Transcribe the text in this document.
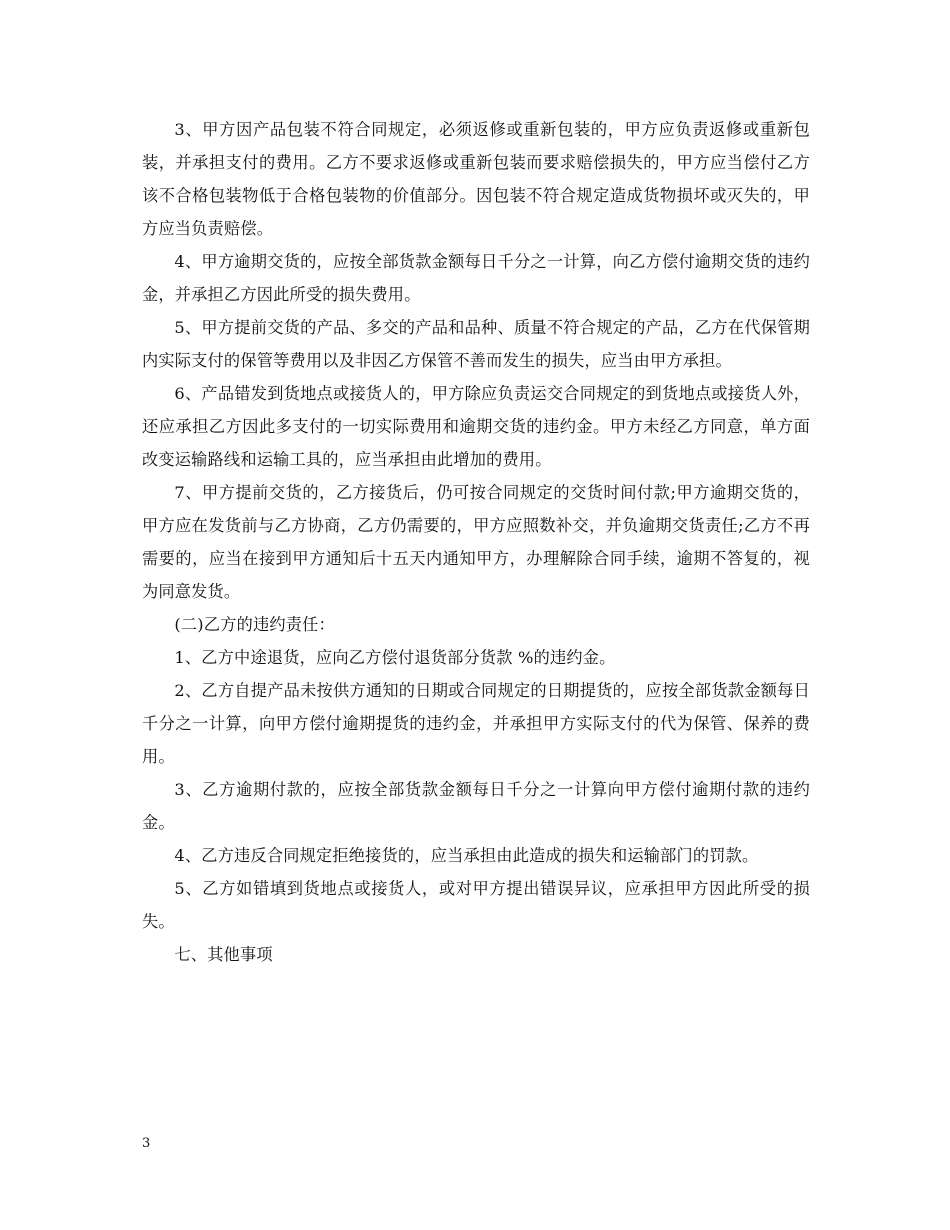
3、甲方因产品包装不符合同规定，必须返修或重新包装的，甲方应负责返修或重新包装，并承担支付的费用。乙方不要求返修或重新包装而要求赔偿损失的，甲方应当偿付乙方该不合格包装物低于合格包装物的价值部分。因包装不符合规定造成货物损坏或灭失的，甲方应当负责赔偿。

4、甲方逾期交货的，应按全部货款金额每日千分之一计算，向乙方偿付逾期交货的违约金，并承担乙方因此所受的损失费用。

5、甲方提前交货的产品、多交的产品和品种、质量不符合规定的产品，乙方在代保管期内实际支付的保管等费用以及非因乙方保管不善而发生的损失，应当由甲方承担。

6、产品错发到货地点或接货人的，甲方除应负责运交合同规定的到货地点或接货人外，还应承担乙方因此多支付的一切实际费用和逾期交货的违约金。甲方未经乙方同意，单方面改变运输路线和运输工具的，应当承担由此增加的费用。

7、甲方提前交货的，乙方接货后，仍可按合同规定的交货时间付款;甲方逾期交货的，甲方应在发货前与乙方协商，乙方仍需要的，甲方应照数补交，并负逾期交货责任;乙方不再需要的，应当在接到甲方通知后十五天内通知甲方，办理解除合同手续，逾期不答复的，视为同意发货。

(二)乙方的违约责任：

1、乙方中途退货，应向乙方偿付退货部分货款 %的违约金。

2、乙方自提产品未按供方通知的日期或合同规定的日期提货的，应按全部货款金额每日千分之一计算，向甲方偿付逾期提货的违约金，并承担甲方实际支付的代为保管、保养的费用。

3、乙方逾期付款的，应按全部货款金额每日千分之一计算向甲方偿付逾期付款的违约金。

4、乙方违反合同规定拒绝接货的，应当承担由此造成的损失和运输部门的罚款。

5、乙方如错填到货地点或接货人，或对甲方提出错误异议，应承担甲方因此所受的损失。

七、其他事项

3
